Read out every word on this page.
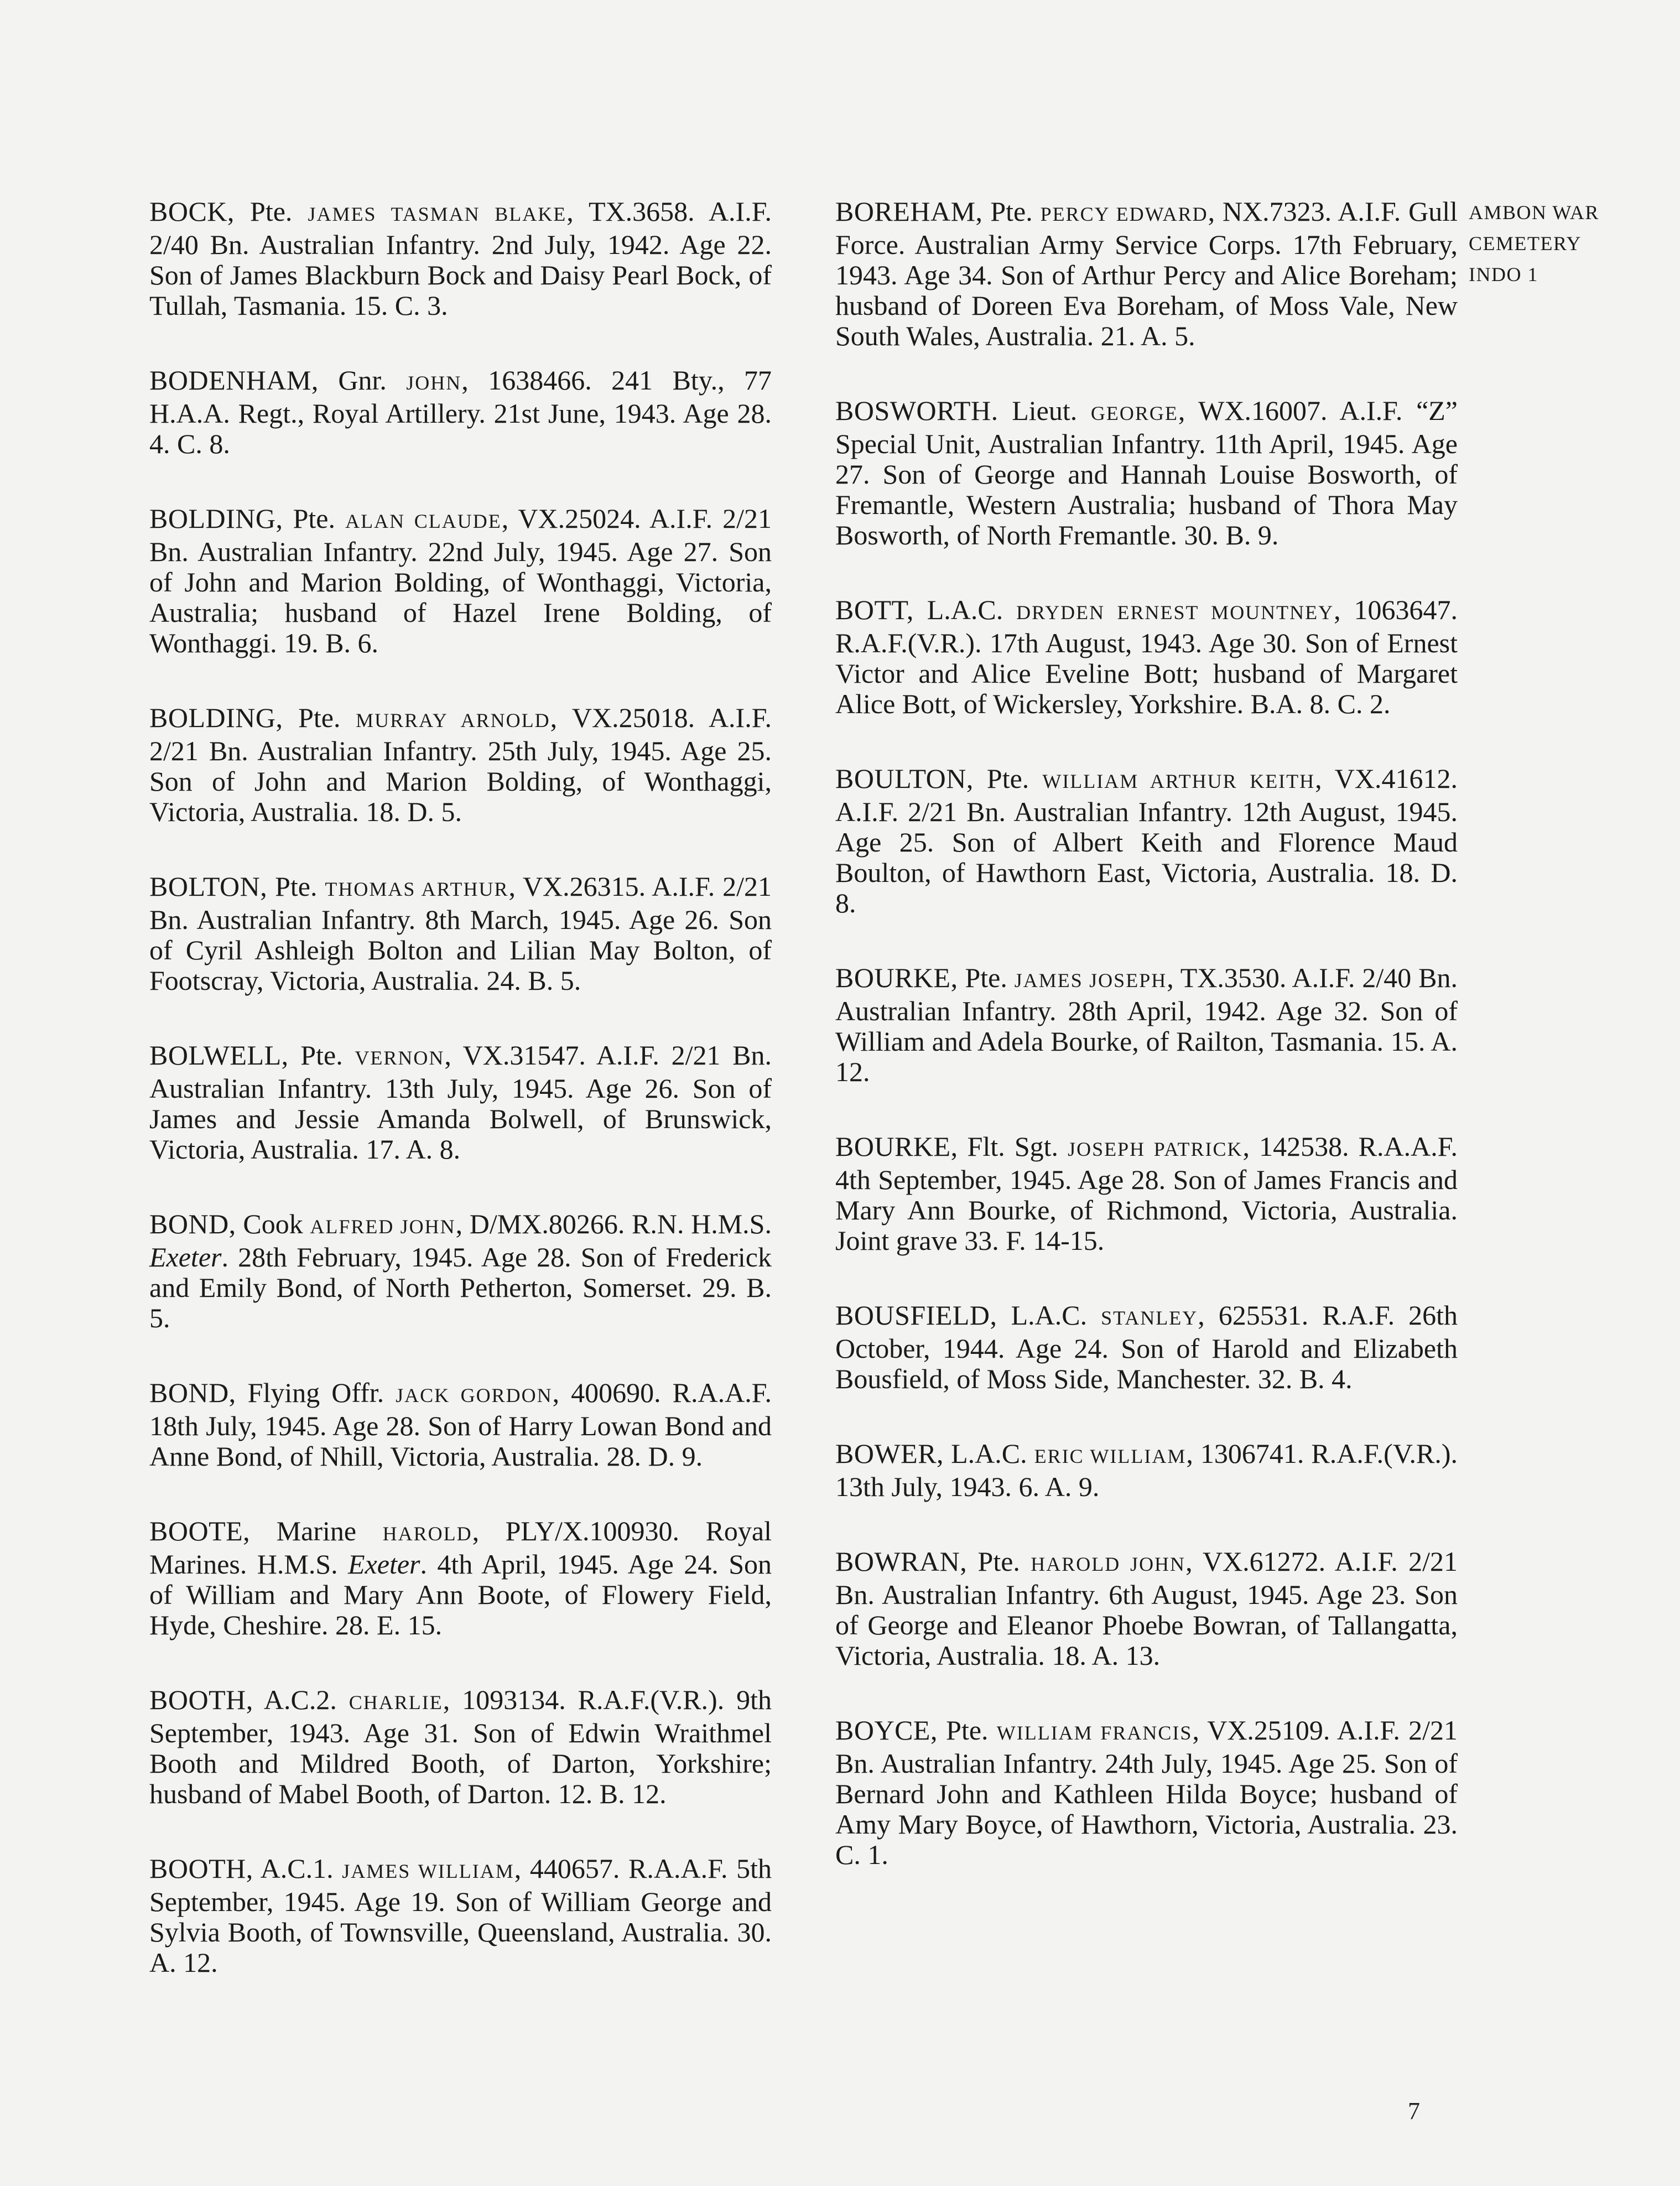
BOCK, Pte. JAMES TASMAN BLAKE, TX.3658. A.I.F. 2/40 Bn. Australian Infantry. 2nd July, 1942. Age 22. Son of James Blackburn Bock and Daisy Pearl Bock, of Tullah, Tasmania. 15. C. 3.

BODENHAM, Gnr. JOHN, 1638466. 241 Bty., 77 H.A.A. Regt., Royal Artillery. 21st June, 1943. Age 28. 4. C. 8.

BOLDING, Pte. ALAN CLAUDE, VX.25024. A.I.F. 2/21 Bn. Australian Infantry. 22nd July, 1945. Age 27. Son of John and Marion Bolding, of Wonthaggi, Victoria, Australia; husband of Hazel Irene Bolding, of Wonthaggi. 19. B. 6.

BOLDING, Pte. MURRAY ARNOLD, VX.25018. A.I.F. 2/21 Bn. Australian Infantry. 25th July, 1945. Age 25. Son of John and Marion Bolding, of Wonthaggi, Victoria, Australia. 18. D. 5.

BOLTON, Pte. THOMAS ARTHUR, VX.26315. A.I.F. 2/21 Bn. Australian Infantry. 8th March, 1945. Age 26. Son of Cyril Ashleigh Bolton and Lilian May Bolton, of Footscray, Victoria, Australia. 24. B. 5.

BOLWELL, Pte. VERNON, VX.31547. A.I.F. 2/21 Bn. Australian Infantry. 13th July, 1945. Age 26. Son of James and Jessie Amanda Bolwell, of Brunswick, Victoria, Australia. 17. A. 8.

BOND, Cook ALFRED JOHN, D/MX.80266. R.N. H.M.S. Exeter. 28th February, 1945. Age 28. Son of Frederick and Emily Bond, of North Petherton, Somerset. 29. B. 5.

BOND, Flying Offr. JACK GORDON, 400690. R.A.A.F. 18th July, 1945. Age 28. Son of Harry Lowan Bond and Anne Bond, of Nhill, Victoria, Australia. 28. D. 9.

BOOTE, Marine HAROLD, PLY/X.100930. Royal Marines. H.M.S. Exeter. 4th April, 1945. Age 24. Son of William and Mary Ann Boote, of Flowery Field, Hyde, Cheshire. 28. E. 15.

BOOTH, A.C.2. CHARLIE, 1093134. R.A.F.(V.R.). 9th September, 1943. Age 31. Son of Edwin Wraithmel Booth and Mildred Booth, of Darton, Yorkshire; husband of Mabel Booth, of Darton. 12. B. 12.

BOOTH, A.C.1. JAMES WILLIAM, 440657. R.A.A.F. 5th September, 1945. Age 19. Son of William George and Sylvia Booth, of Townsville, Queensland, Australia. 30. A. 12.

BOREHAM, Pte. PERCY EDWARD, NX.7323. A.I.F. Gull Force. Australian Army Service Corps. 17th February, 1943. Age 34. Son of Arthur Percy and Alice Boreham; husband of Doreen Eva Boreham, of Moss Vale, New South Wales, Australia. 21. A. 5.

BOSWORTH. Lieut. GEORGE, WX.16007. A.I.F. “Z” Special Unit, Australian Infantry. 11th April, 1945. Age 27. Son of George and Hannah Louise Bosworth, of Fremantle, Western Australia; husband of Thora May Bosworth, of North Fremantle. 30. B. 9.

BOTT, L.A.C. DRYDEN ERNEST MOUNTNEY, 1063647. R.A.F.(V.R.). 17th August, 1943. Age 30. Son of Ernest Victor and Alice Eveline Bott; husband of Margaret Alice Bott, of Wickersley, Yorkshire. B.A. 8. C. 2.

BOULTON, Pte. WILLIAM ARTHUR KEITH, VX.41612. A.I.F. 2/21 Bn. Australian Infantry. 12th August, 1945. Age 25. Son of Albert Keith and Florence Maud Boulton, of Hawthorn East, Victoria, Australia. 18. D. 8.

BOURKE, Pte. JAMES JOSEPH, TX.3530. A.I.F. 2/40 Bn. Australian Infantry. 28th April, 1942. Age 32. Son of William and Adela Bourke, of Railton, Tasmania. 15. A. 12.

BOURKE, Flt. Sgt. JOSEPH PATRICK, 142538. R.A.A.F. 4th September, 1945. Age 28. Son of James Francis and Mary Ann Bourke, of Richmond, Victoria, Australia. Joint grave 33. F. 14-15.

BOUSFIELD, L.A.C. STANLEY, 625531. R.A.F. 26th October, 1944. Age 24. Son of Harold and Elizabeth Bousfield, of Moss Side, Manchester. 32. B. 4.

BOWER, L.A.C. ERIC WILLIAM, 1306741. R.A.F.(V.R.). 13th July, 1943. 6. A. 9.

BOWRAN, Pte. HAROLD JOHN, VX.61272. A.I.F. 2/21 Bn. Australian Infantry. 6th August, 1945. Age 23. Son of George and Eleanor Phoebe Bowran, of Tallangatta, Victoria, Australia. 18. A. 13.

BOYCE, Pte. WILLIAM FRANCIS, VX.25109. A.I.F. 2/21 Bn. Australian Infantry. 24th July, 1945. Age 25. Son of Bernard John and Kathleen Hilda Boyce; husband of Amy Mary Boyce, of Hawthorn, Victoria, Australia. 23. C. 1.

AMBON WAR
CEMETERY
INDO 1
7
